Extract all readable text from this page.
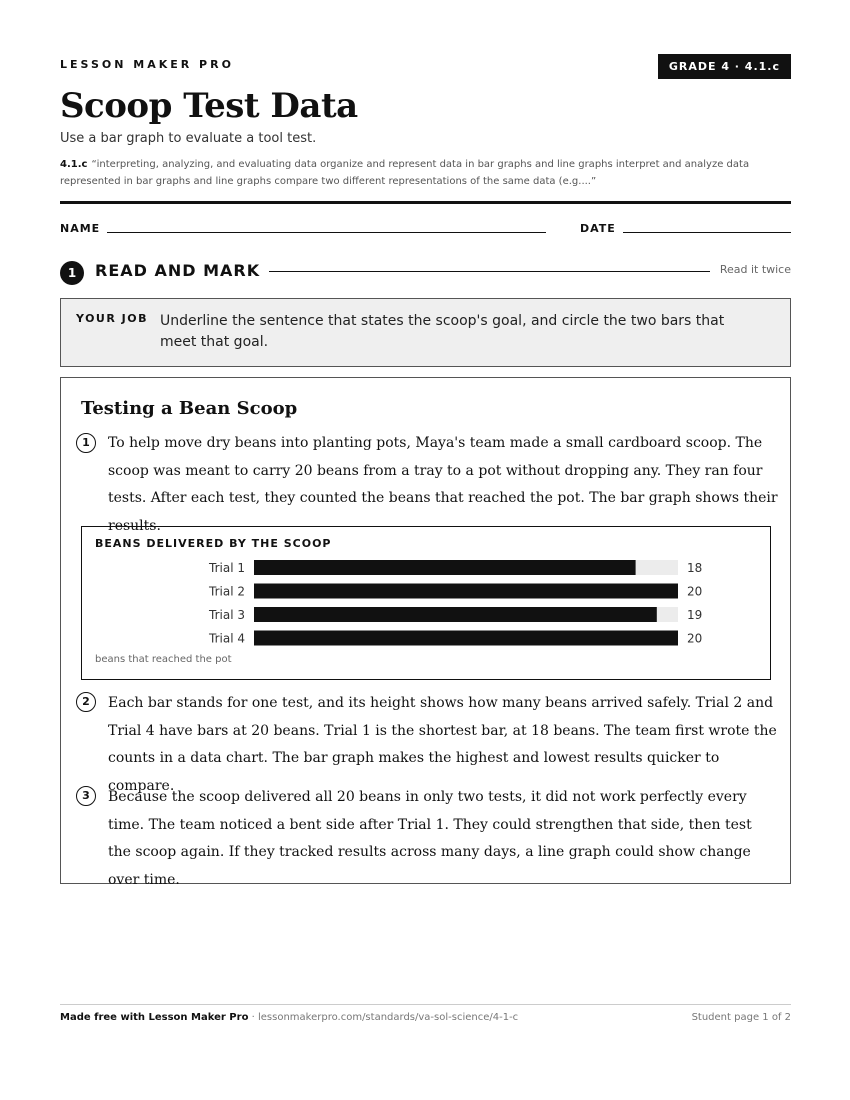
LESSON MAKER PRO	GRADE 4 · 4.1.c
Scoop Test Data
Use a bar graph to evaluate a tool test.
4.1.c “interpreting, analyzing, and evaluating data organize and represent data in bar graphs and line graphs interpret and analyze data represented in bar graphs and line graphs compare two different representations of the same data (e.g....”
NAME	DATE
1	READ AND MARK	Read it twice
YOUR JOB Underline the sentence that states the scoop's goal, and circle the two bars that meet that goal.
Testing a Bean Scoop
1	To help move dry beans into planting pots, Maya's team made a small cardboard scoop. The scoop was meant to carry 20 beans from a tray to a pot without dropping any. They ran four tests. After each test, they counted the beans that reached the pot. The bar graph shows their results.

BEANS DELIVERED BY THE SCOOP
Trial 1	18
Trial 2	20
Trial 3	19
Trial 4	20
beans that reached the pot
2	Each bar stands for one test, and its height shows how many beans arrived safely. Trial 2 and Trial 4 have bars at 20 beans. Trial 1 is the shortest bar, at 18 beans. The team first wrote the counts in a data chart. The bar graph makes the highest and lowest results quicker to compare.

3	Because the scoop delivered all 20 beans in only two tests, it did not work perfectly every time. The team noticed a bent side after Trial 1. They could strengthen that side, then test the scoop again. If they tracked results across many days, a line graph could show change over time.

Made free with Lesson Maker Pro · lessonmakerpro.com/standards/va-sol-science/4-1-c	Student page 1 of 2
